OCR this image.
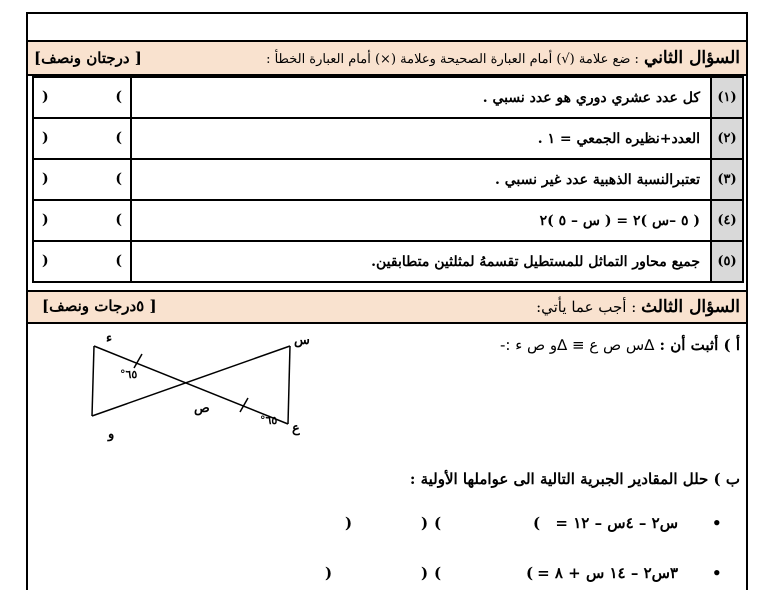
السؤال الثاني : ضع علامة (√) أمام العبارة الصحيحة وعلامة (×) أمام العبارة الخطأ :
[ درجتان ونصف]
) (	كل عدد عشري دوري هو عدد نسبي .	(١)

) (	العدد+نظيره الجمعي = ١ .	(٢)

) (	تعتبرالنسبة الذهبية عدد غير نسبي .	(٣)

) (	( ٥ –س )٢ = ( س – ٥ )٢	(٤)

) (	جميع محاور التماثل للمستطيل تقسمهُ لمثلثين متطابقين.	(٥)
السؤال الثالث : أجب عما يأتي:
[ ٥درجات ونصف]
أ ) أثبت أن : ∆س ص ع ≡ ∆و ص ء :-
ء	س
و	ع
ص
°٦٥
°٦٥
ب ) حلل المقادير الجبرية التالية الى عواملها الأولية :
•
س٢ – ٤س – ١٢ =
(
) (
)
•
٣س٢ – ١٤ س + ٨ =
(
) (
)
